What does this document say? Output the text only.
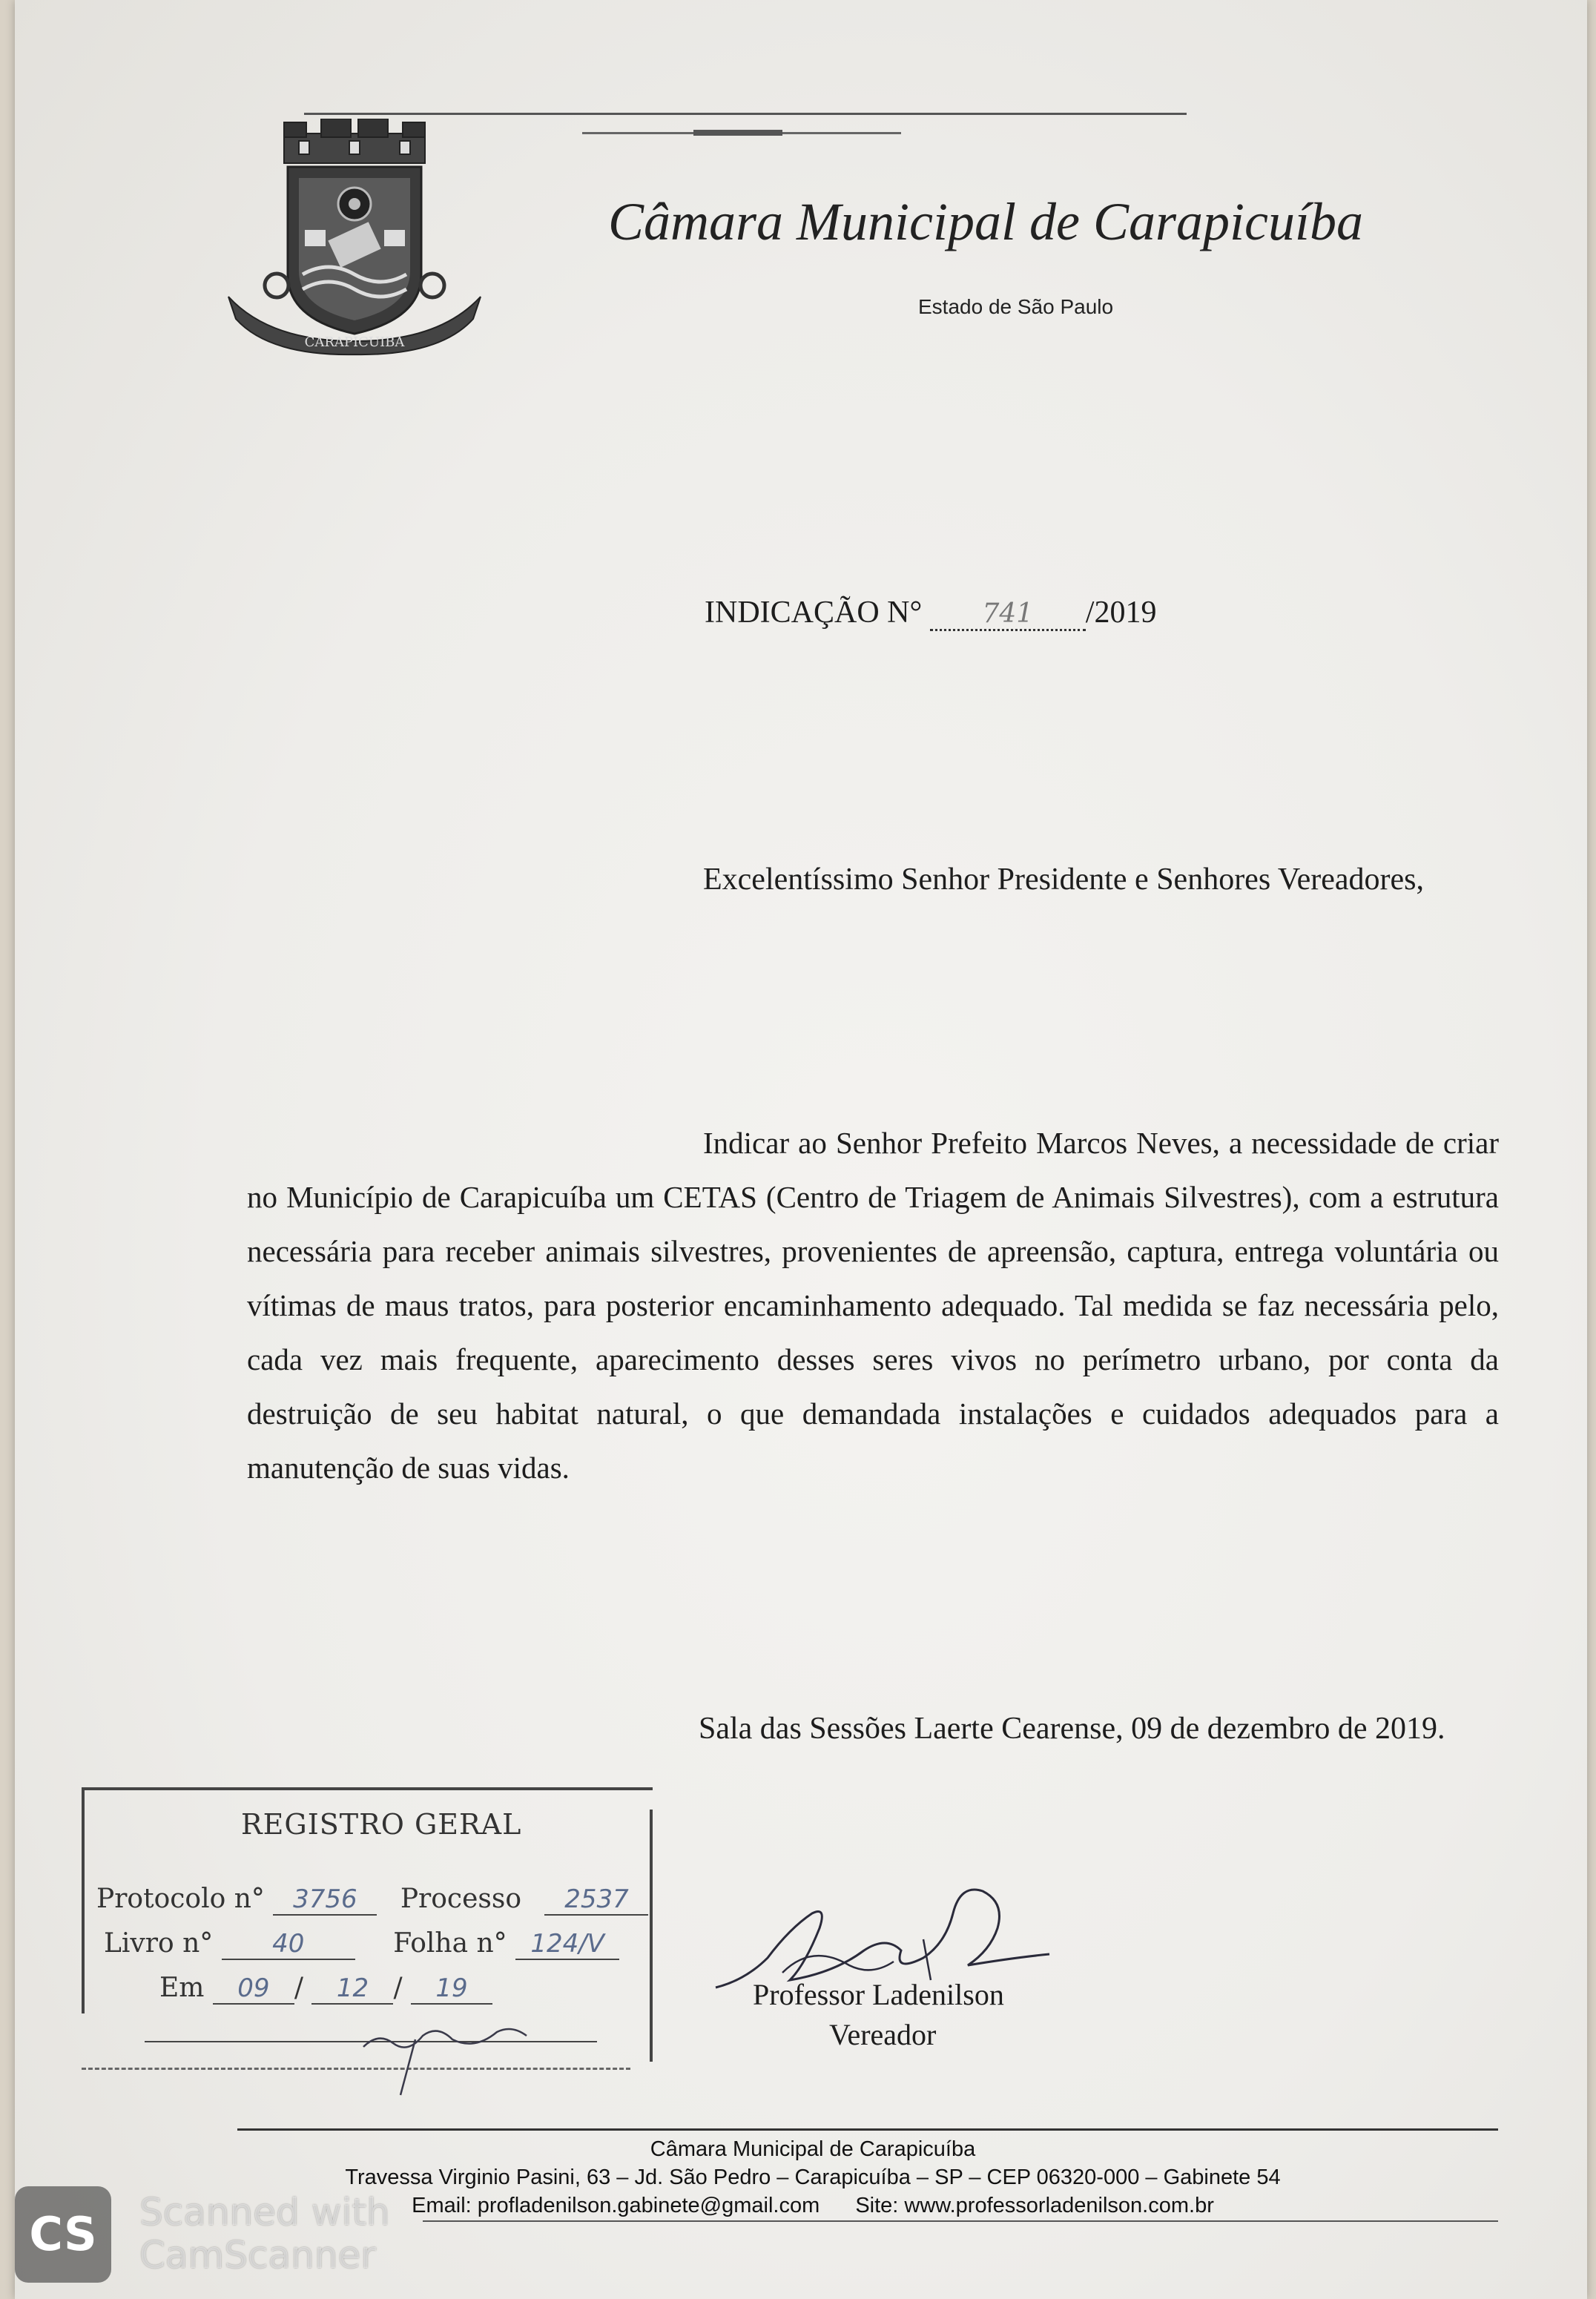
CARAPICUIBA
Câmara Municipal de Carapicuíba
Estado de São Paulo
INDICAÇÃO N° 741 /2019
Excelentíssimo Senhor Presidente e Senhores Vereadores,

Indicar ao Senhor Prefeito Marcos Neves, a necessidade de criar no Município de Carapicuíba um CETAS (Centro de Triagem de Animais Silvestres), com a estrutura necessária para receber animais silvestres, provenientes de apreensão, captura, entrega voluntária ou vítimas de maus tratos, para posterior encaminhamento adequado. Tal medida se faz necessária pelo, cada vez mais frequente, aparecimento desses seres vivos no perímetro urbano, por conta da destruição de seu habitat natural, o que demandada instalações e cuidados adequados para a manutenção de suas vidas.

Sala das Sessões Laerte Cearense, 09 de dezembro de 2019.
Professor Ladenilson
Vereador
REGISTRO GERAL
Protocolo n° 3756 Processo 2537
Livro n° 40	Folha n° 124/V
Em 09 / 12 / 19
Câmara Municipal de Carapicuíba
Travessa Virginio Pasini, 63 – Jd. São Pedro – Carapicuíba – SP – CEP 06320-000 – Gabinete 54
Email: profladenilson.gabinete@gmail.com Site: www.professorladenilson.com.br
CS	Scanned with
CamScanner
